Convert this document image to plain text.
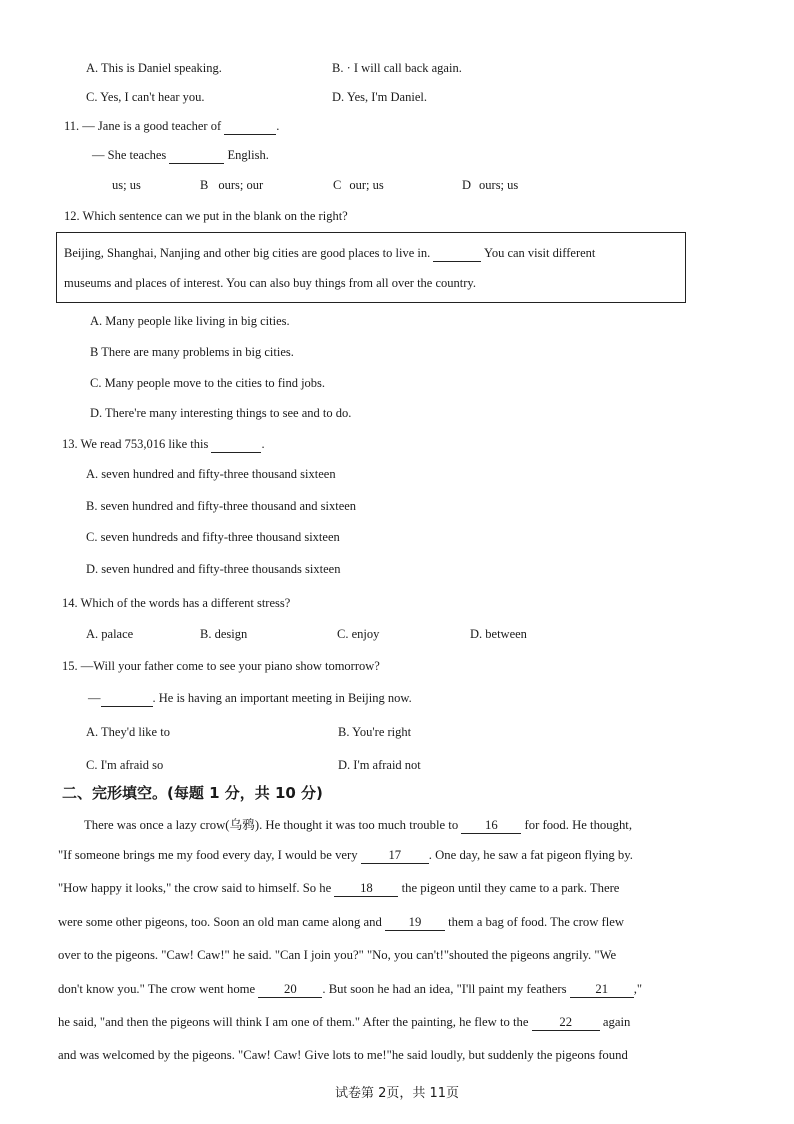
A. This is Daniel speaking.	B. · I will call back again.
C. Yes, I can't hear you.	D. Yes, I'm Daniel.
11. — Jane is a good teacher of	.
— She teaches	English.
us; us	B ours; our	C our; us	D ours; us
12. Which sentence can we put in the blank on the right?
Beijing, Shanghai, Nanjing and other big cities are good places to live in.	You can visit different
museums and places of interest. You can also buy things from all over the country.
A. Many people like living in big cities.
B There are many problems in big cities.
C. Many people move to the cities to find jobs.
D. There're many interesting things to see and to do.
13. We read 753,016 like this	.
A. seven hundred and fifty-three thousand sixteen
B. seven hundred and fifty-three thousand and sixteen
C. seven hundreds and fifty-three thousand sixteen
D. seven hundred and fifty-three thousands sixteen
14. Which of the words has a different stress?
A. palace	B. design	C. enjoy	D. between
15. —Will your father come to see your piano show tomorrow?
—	. He is having an important meeting in Beijing now.
A. They'd like to	B. You're right
C. I'm afraid so	D. I'm afraid not
二、完形填空。(每题 1 分，共 10 分)
There was once a lazy crow(乌鸦). He thought it was too much trouble to 16 for food. He thought,
"If someone brings me my food every day, I would be very 17 . One day, he saw a fat pigeon flying by.
"How happy it looks," the crow said to himself. So he 18 the pigeon until they came to a park. There
were some other pigeons, too. Soon an old man came along and 19 them a bag of food. The crow flew
over to the pigeons. "Caw! Caw!" he said. "Can I join you?" "No, you can't!"shouted the pigeons angrily. "We
don't know you." The crow went home 20 . But soon he had an idea, "I'll paint my feathers 21 ,"
he said, "and then the pigeons will think I am one of them." After the painting, he flew to the 22 again
and was welcomed by the pigeons. "Caw! Caw! Give lots to me!"he said loudly, but suddenly the pigeons found
试卷第 2页，共 11页
